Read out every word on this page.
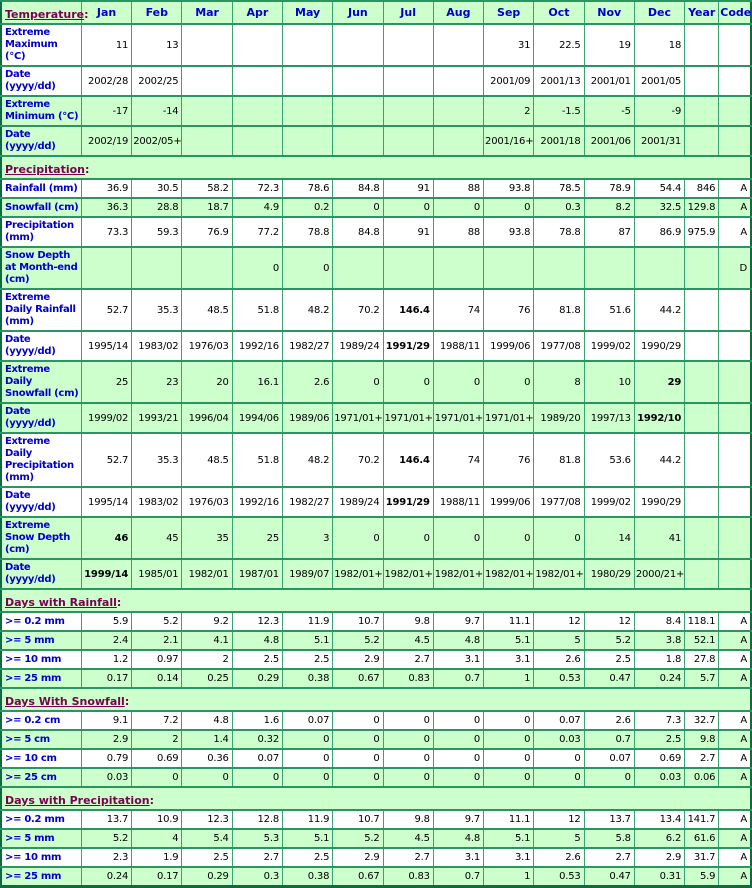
Temperature:	Jan	Feb	Mar	Apr	May	Jun	Jul	Aug	Sep	Oct	Nov	Dec	Year	Code
Extreme Maximum (°C)	11	13							31	22.5	19	18		
Date (yyyy/dd)	2002/28	2002/25							2001/09	2001/13	2001/01	2001/05		
Extreme Minimum (°C)	-17	-14							2	-1.5	-5	-9		
Date (yyyy/dd)	2002/19	2002/05+							2001/16+	2001/18	2001/06	2001/31		
Precipitation:														
Rainfall (mm)	36.9	30.5	58.2	72.3	78.6	84.8	91	88	93.8	78.5	78.9	54.4	846	A
Snowfall (cm)	36.3	28.8	18.7	4.9	0.2	0	0	0	0	0.3	8.2	32.5	129.8	A
Precipitation (mm)	73.3	59.3	76.9	77.2	78.8	84.8	91	88	93.8	78.8	87	86.9	975.9	A
Snow Depth at Month-end (cm)				0	0									D
Extreme Daily Rainfall (mm)	52.7	35.3	48.5	51.8	48.2	70.2	146.4	74	76	81.8	51.6	44.2		
Date (yyyy/dd)	1995/14	1983/02	1976/03	1992/16	1982/27	1989/24	1991/29	1988/11	1999/06	1977/08	1999/02	1990/29		
Extreme Daily Snowfall (cm)	25	23	20	16.1	2.6	0	0	0	0	8	10	29		
Date (yyyy/dd)	1999/02	1993/21	1996/04	1994/06	1989/06	1971/01+	1971/01+	1971/01+	1971/01+	1989/20	1997/13	1992/10		
Extreme Daily Precipitation (mm)	52.7	35.3	48.5	51.8	48.2	70.2	146.4	74	76	81.8	53.6	44.2		
Date (yyyy/dd)	1995/14	1983/02	1976/03	1992/16	1982/27	1989/24	1991/29	1988/11	1999/06	1977/08	1999/02	1990/29		
Extreme Snow Depth (cm)	46	45	35	25	3	0	0	0	0	0	14	41		
Date (yyyy/dd)	1999/14	1985/01	1982/01	1987/01	1989/07	1982/01+	1982/01+	1982/01+	1982/01+	1982/01+	1980/29	2000/21+		
Days with Rainfall:														
>= 0.2 mm	5.9	5.2	9.2	12.3	11.9	10.7	9.8	9.7	11.1	12	12	8.4	118.1	A
>= 5 mm	2.4	2.1	4.1	4.8	5.1	5.2	4.5	4.8	5.1	5	5.2	3.8	52.1	A
>= 10 mm	1.2	0.97	2	2.5	2.5	2.9	2.7	3.1	3.1	2.6	2.5	1.8	27.8	A
>= 25 mm	0.17	0.14	0.25	0.29	0.38	0.67	0.83	0.7	1	0.53	0.47	0.24	5.7	A
Days With Snowfall:														
>= 0.2 cm	9.1	7.2	4.8	1.6	0.07	0	0	0	0	0.07	2.6	7.3	32.7	A
>= 5 cm	2.9	2	1.4	0.32	0	0	0	0	0	0.03	0.7	2.5	9.8	A
>= 10 cm	0.79	0.69	0.36	0.07	0	0	0	0	0	0	0.07	0.69	2.7	A
>= 25 cm	0.03	0	0	0	0	0	0	0	0	0	0	0.03	0.06	A
Days with Precipitation:														
>= 0.2 mm	13.7	10.9	12.3	12.8	11.9	10.7	9.8	9.7	11.1	12	13.7	13.4	141.7	A
>= 5 mm	5.2	4	5.4	5.3	5.1	5.2	4.5	4.8	5.1	5	5.8	6.2	61.6	A
>= 10 mm	2.3	1.9	2.5	2.7	2.5	2.9	2.7	3.1	3.1	2.6	2.7	2.9	31.7	A
>= 25 mm	0.24	0.17	0.29	0.3	0.38	0.67	0.83	0.7	1	0.53	0.47	0.31	5.9	A
